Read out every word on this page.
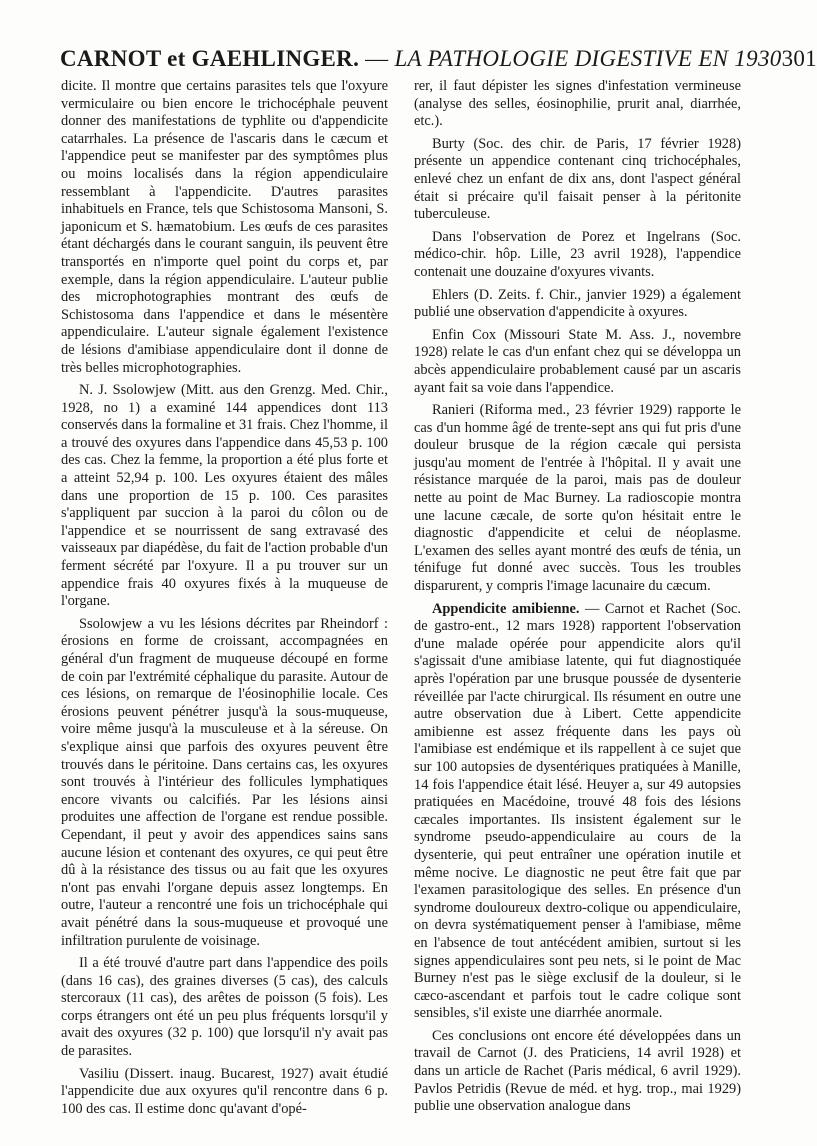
CARNOT et GAEHLINGER. — LA PATHOLOGIE DIGESTIVE EN 1930 301

dicite. Il montre que certains parasites tels que l'oxyure vermiculaire ou bien encore le trichocéphale peuvent donner des manifestations de typhlite ou d'appendicite catarrhales. La présence de l'ascaris dans le cæcum et l'appendice peut se manifester par des symptômes plus ou moins localisés dans la région appendiculaire ressemblant à l'appendicite. D'autres parasites inhabituels en France, tels que Schistosoma Mansoni, S. japonicum et S. hæmatobium. Les œufs de ces parasites étant déchargés dans le courant sanguin, ils peuvent être transportés en n'importe quel point du corps et, par exemple, dans la région appendiculaire. L'auteur publie des microphotographies montrant des œufs de Schistosoma dans l'appendice et dans le mésentère appendiculaire. L'auteur signale également l'existence de lésions d'amibiase appendiculaire dont il donne de très belles microphotographies.

N. J. Ssolowjew (Mitt. aus den Grenzg. Med. Chir., 1928, no 1) a examiné 144 appendices dont 113 conservés dans la formaline et 31 frais. Chez l'homme, il a trouvé des oxyures dans l'appendice dans 45,53 p. 100 des cas. Chez la femme, la proportion a été plus forte et a atteint 52,94 p. 100. Les oxyures étaient des mâles dans une proportion de 15 p. 100. Ces parasites s'appliquent par succion à la paroi du côlon ou de l'appendice et se nourrissent de sang extravasé des vaisseaux par diapédèse, du fait de l'action probable d'un ferment sécrété par l'oxyure. Il a pu trouver sur un appendice frais 40 oxyures fixés à la muqueuse de l'organe.

Ssolowjew a vu les lésions décrites par Rheindorf : érosions en forme de croissant, accompagnées en général d'un fragment de muqueuse découpé en forme de coin par l'extrémité céphalique du parasite. Autour de ces lésions, on remarque de l'éosinophilie locale. Ces érosions peuvent pénétrer jusqu'à la sous-muqueuse, voire même jusqu'à la musculeuse et à la séreuse. On s'explique ainsi que parfois des oxyures peuvent être trouvés dans le péritoine. Dans certains cas, les oxyures sont trouvés à l'intérieur des follicules lymphatiques encore vivants ou calcifiés. Par les lésions ainsi produites une affection de l'organe est rendue possible. Cependant, il peut y avoir des appendices sains sans aucune lésion et contenant des oxyures, ce qui peut être dû à la résistance des tissus ou au fait que les oxyures n'ont pas envahi l'organe depuis assez longtemps. En outre, l'auteur a rencontré une fois un trichocéphale qui avait pénétré dans la sous-muqueuse et provoqué une infiltration purulente de voisinage.

Il a été trouvé d'autre part dans l'appendice des poils (dans 16 cas), des graines diverses (5 cas), des calculs stercoraux (11 cas), des arêtes de poisson (5 fois). Les corps étrangers ont été un peu plus fréquents lorsqu'il y avait des oxyures (32 p. 100) que lorsqu'il n'y avait pas de parasites.

Vasiliu (Dissert. inaug. Bucarest, 1927) avait étudié l'appendicite due aux oxyures qu'il rencontre dans 6 p. 100 des cas. Il estime donc qu'avant d'opé-

rer, il faut dépister les signes d'infestation vermineuse (analyse des selles, éosinophilie, prurit anal, diarrhée, etc.).

Burty (Soc. des chir. de Paris, 17 février 1928) présente un appendice contenant cinq trichocéphales, enlevé chez un enfant de dix ans, dont l'aspect général était si précaire qu'il faisait penser à la péritonite tuberculeuse.

Dans l'observation de Porez et Ingelrans (Soc. médico-chir. hôp. Lille, 23 avril 1928), l'appendice contenait une douzaine d'oxyures vivants.

Ehlers (D. Zeits. f. Chir., janvier 1929) a également publié une observation d'appendicite à oxyures.

Enfin Cox (Missouri State M. Ass. J., novembre 1928) relate le cas d'un enfant chez qui se développa un abcès appendiculaire probablement causé par un ascaris ayant fait sa voie dans l'appendice.

Ranieri (Riforma med., 23 février 1929) rapporte le cas d'un homme âgé de trente-sept ans qui fut pris d'une douleur brusque de la région cæcale qui persista jusqu'au moment de l'entrée à l'hôpital. Il y avait une résistance marquée de la paroi, mais pas de douleur nette au point de Mac Burney. La radioscopie montra une lacune cæcale, de sorte qu'on hésitait entre le diagnostic d'appendicite et celui de néoplasme. L'examen des selles ayant montré des œufs de ténia, un ténifuge fut donné avec succès. Tous les troubles disparurent, y compris l'image lacunaire du cæcum.

Appendicite amibienne. — Carnot et Rachet (Soc. de gastro-ent., 12 mars 1928) rapportent l'observation d'une malade opérée pour appendicite alors qu'il s'agissait d'une amibiase latente, qui fut diagnostiquée après l'opération par une brusque poussée de dysenterie réveillée par l'acte chirurgical. Ils résument en outre une autre observation due à Libert. Cette appendicite amibienne est assez fréquente dans les pays où l'amibiase est endémique et ils rappellent à ce sujet que sur 100 autopsies de dysentériques pratiquées à Manille, 14 fois l'appendice était lésé. Heuyer a, sur 49 autopsies pratiquées en Macédoine, trouvé 48 fois des lésions cæcales importantes. Ils insistent également sur le syndrome pseudo-appendiculaire au cours de la dysenterie, qui peut entraîner une opération inutile et même nocive. Le diagnostic ne peut être fait que par l'examen parasitologique des selles. En présence d'un syndrome douloureux dextro-colique ou appendiculaire, on devra systématiquement penser à l'amibiase, même en l'absence de tout antécédent amibien, surtout si les signes appendiculaires sont peu nets, si le point de Mac Burney n'est pas le siège exclusif de la douleur, si le cæco-ascendant et parfois tout le cadre colique sont sensibles, s'il existe une diarrhée anormale.

Ces conclusions ont encore été développées dans un travail de Carnot (J. des Praticiens, 14 avril 1928) et dans un article de Rachet (Paris médical, 6 avril 1929). Pavlos Petridis (Revue de méd. et hyg. trop., mai 1929) publie une observation analogue dans
